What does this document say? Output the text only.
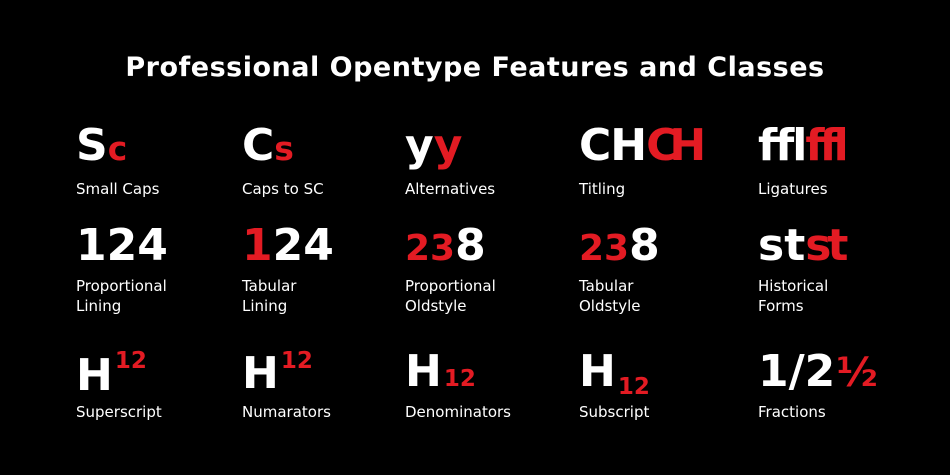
Professional Opentype Features and Classes
Sc
Small Caps
Cs
Caps to SC
yy
Alternatives
CHCH
Titling
fflffl
Ligatures
124
Proportional
Lining
124
Tabular
Lining
238
Proportional
Oldstyle
238
Tabular
Oldstyle
stst
Historical
Forms
$H^{12}$
Superscript
$H^{12}$
Numarators
H12
Denominators
$H_{12}$
Subscript
1/2½
Fractions
